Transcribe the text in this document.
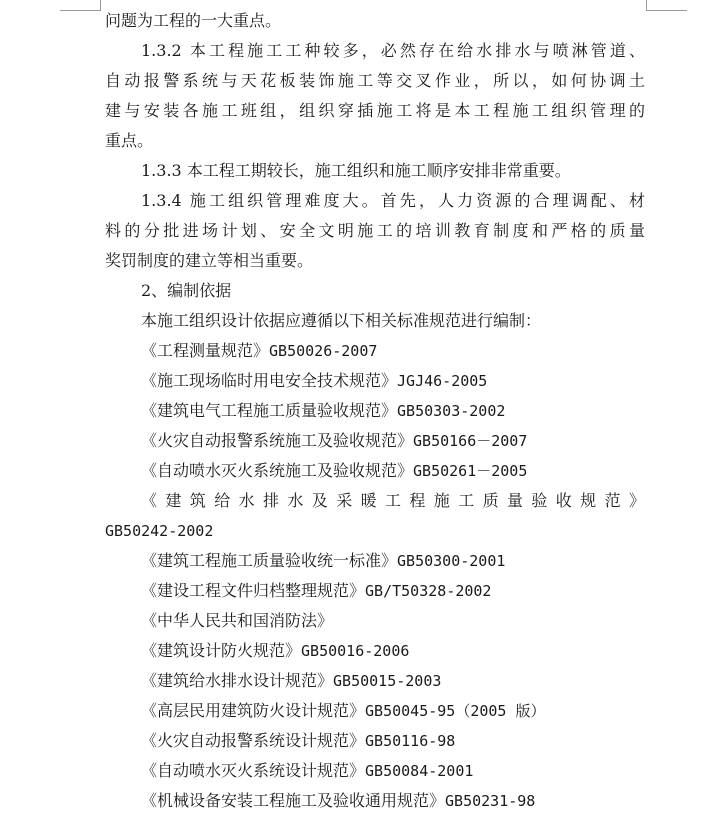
问题为工程的一大重点。
1.3.2 本工程施工工种较多，必然存在给水排水与喷淋管道、
自动报警系统与天花板装饰施工等交叉作业，所以，如何协调土
建与安装各施工班组，组织穿插施工将是本工程施工组织管理的
重点。
1.3.3 本工程工期较长，施工组织和施工顺序安排非常重要。
1.3.4 施工组织管理难度大。首先，人力资源的合理调配、材
料的分批进场计划、安全文明施工的培训教育制度和严格的质量
奖罚制度的建立等相当重要。
2、编制依据
本施工组织设计依据应遵循以下相关标准规范进行编制：
《工程测量规范》GB50026-2007
《施工现场临时用电安全技术规范》JGJ46-2005
《建筑电气工程施工质量验收规范》GB50303-2002
《火灾自动报警系统施工及验收规范》GB50166－2007
《自动喷水灭火系统施工及验收规范》GB50261－2005
《建筑给水排水及采暖工程施工质量验收规范》
GB50242-2002
《建筑工程施工质量验收统一标准》GB50300-2001
《建设工程文件归档整理规范》GB/T50328-2002
《中华人民共和国消防法》
《建筑设计防火规范》GB50016-2006
《建筑给水排水设计规范》GB50015-2003
《高层民用建筑防火设计规范》GB50045-95（2005 版）
《火灾自动报警系统设计规范》GB50116-98
《自动喷水灭火系统设计规范》GB50084-2001
《机械设备安装工程施工及验收通用规范》GB50231-98
